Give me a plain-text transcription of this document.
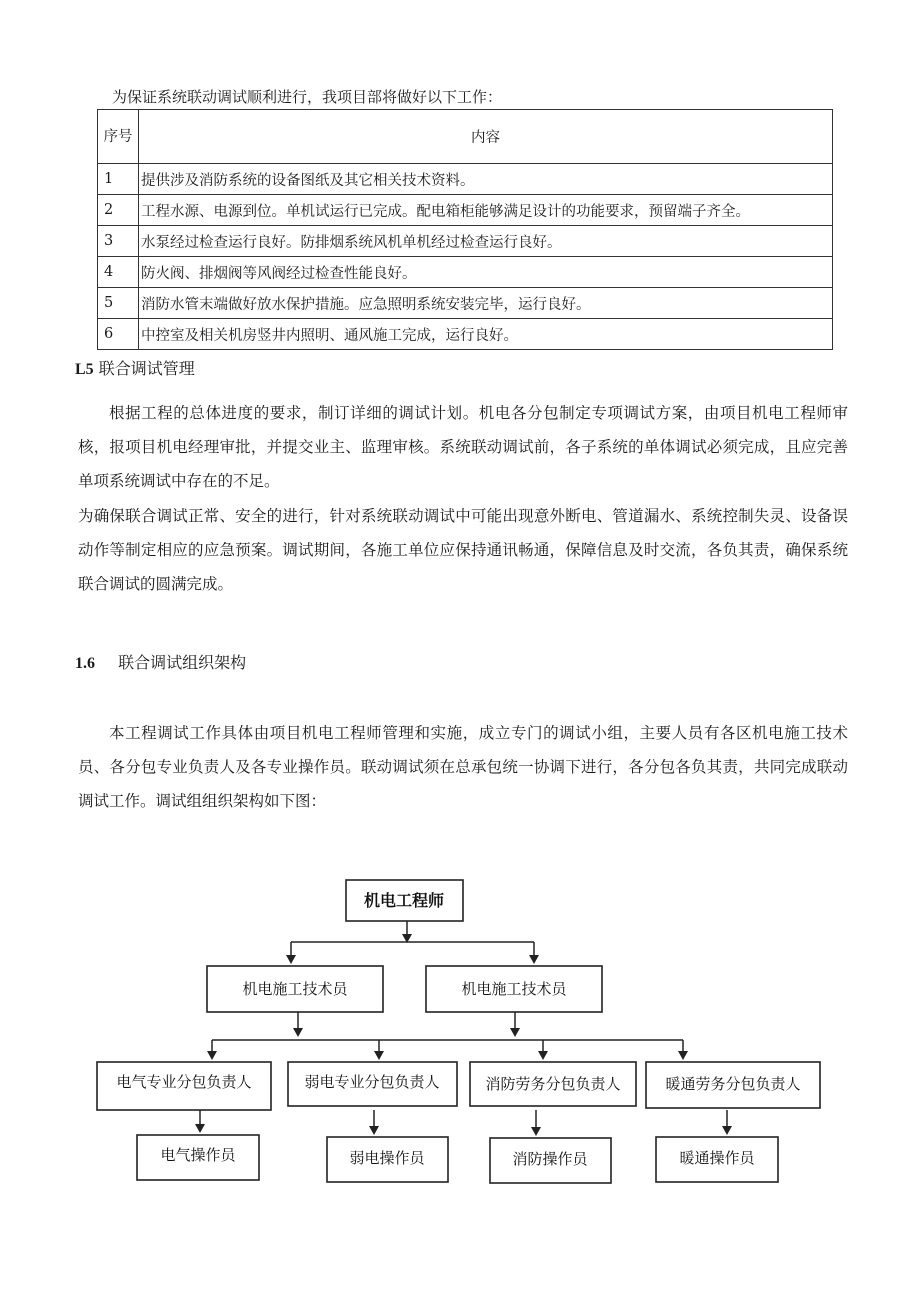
为保证系统联动调试顺利进行，我项目部将做好以下工作：
序号	内容
1	提供涉及消防系统的设备图纸及其它相关技术资料。
2	工程水源、电源到位。单机试运行已完成。配电箱柜能够满足设计的功能要求，预留端子齐全。
3	水泵经过检查运行良好。防排烟系统风机单机经过检查运行良好。
4	防火阀、排烟阀等风阀经过检查性能良好。
5	消防水管末端做好放水保护措施。应急照明系统安装完毕，运行良好。
6	中控室及相关机房竖井内照明、通风施工完成，运行良好。
L5 联合调试管理
根据工程的总体进度的要求，制订详细的调试计划。机电各分包制定专项调试方案，由项目机电工程师审核，报项目机电经理审批，并提交业主、监理审核。系统联动调试前，各子系统的单体调试必须完成，且应完善单项系统调试中存在的不足。
为确保联合调试正常、安全的进行，针对系统联动调试中可能出现意外断电、管道漏水、系统控制失灵、设备误动作等制定相应的应急预案。调试期间，各施工单位应保持通讯畅通，保障信息及时交流，各负其责，确保系统联合调试的圆满完成。
1.6 联合调试组织架构
本工程调试工作具体由项目机电工程师管理和实施，成立专门的调试小组，主要人员有各区机电施工技术员、各分包专业负责人及各专业操作员。联动调试须在总承包统一协调下进行，各分包各负其责，共同完成联动调试工作。调试组组织架构如下图：
机电工程师
机电施工技术员	机电施工技术员
电气专业分包负责人	弱电专业分包负责人	消防劳务分包负责人	暖通劳务分包负责人
电气操作员	弱电操作员	消防操作员	暖通操作员
